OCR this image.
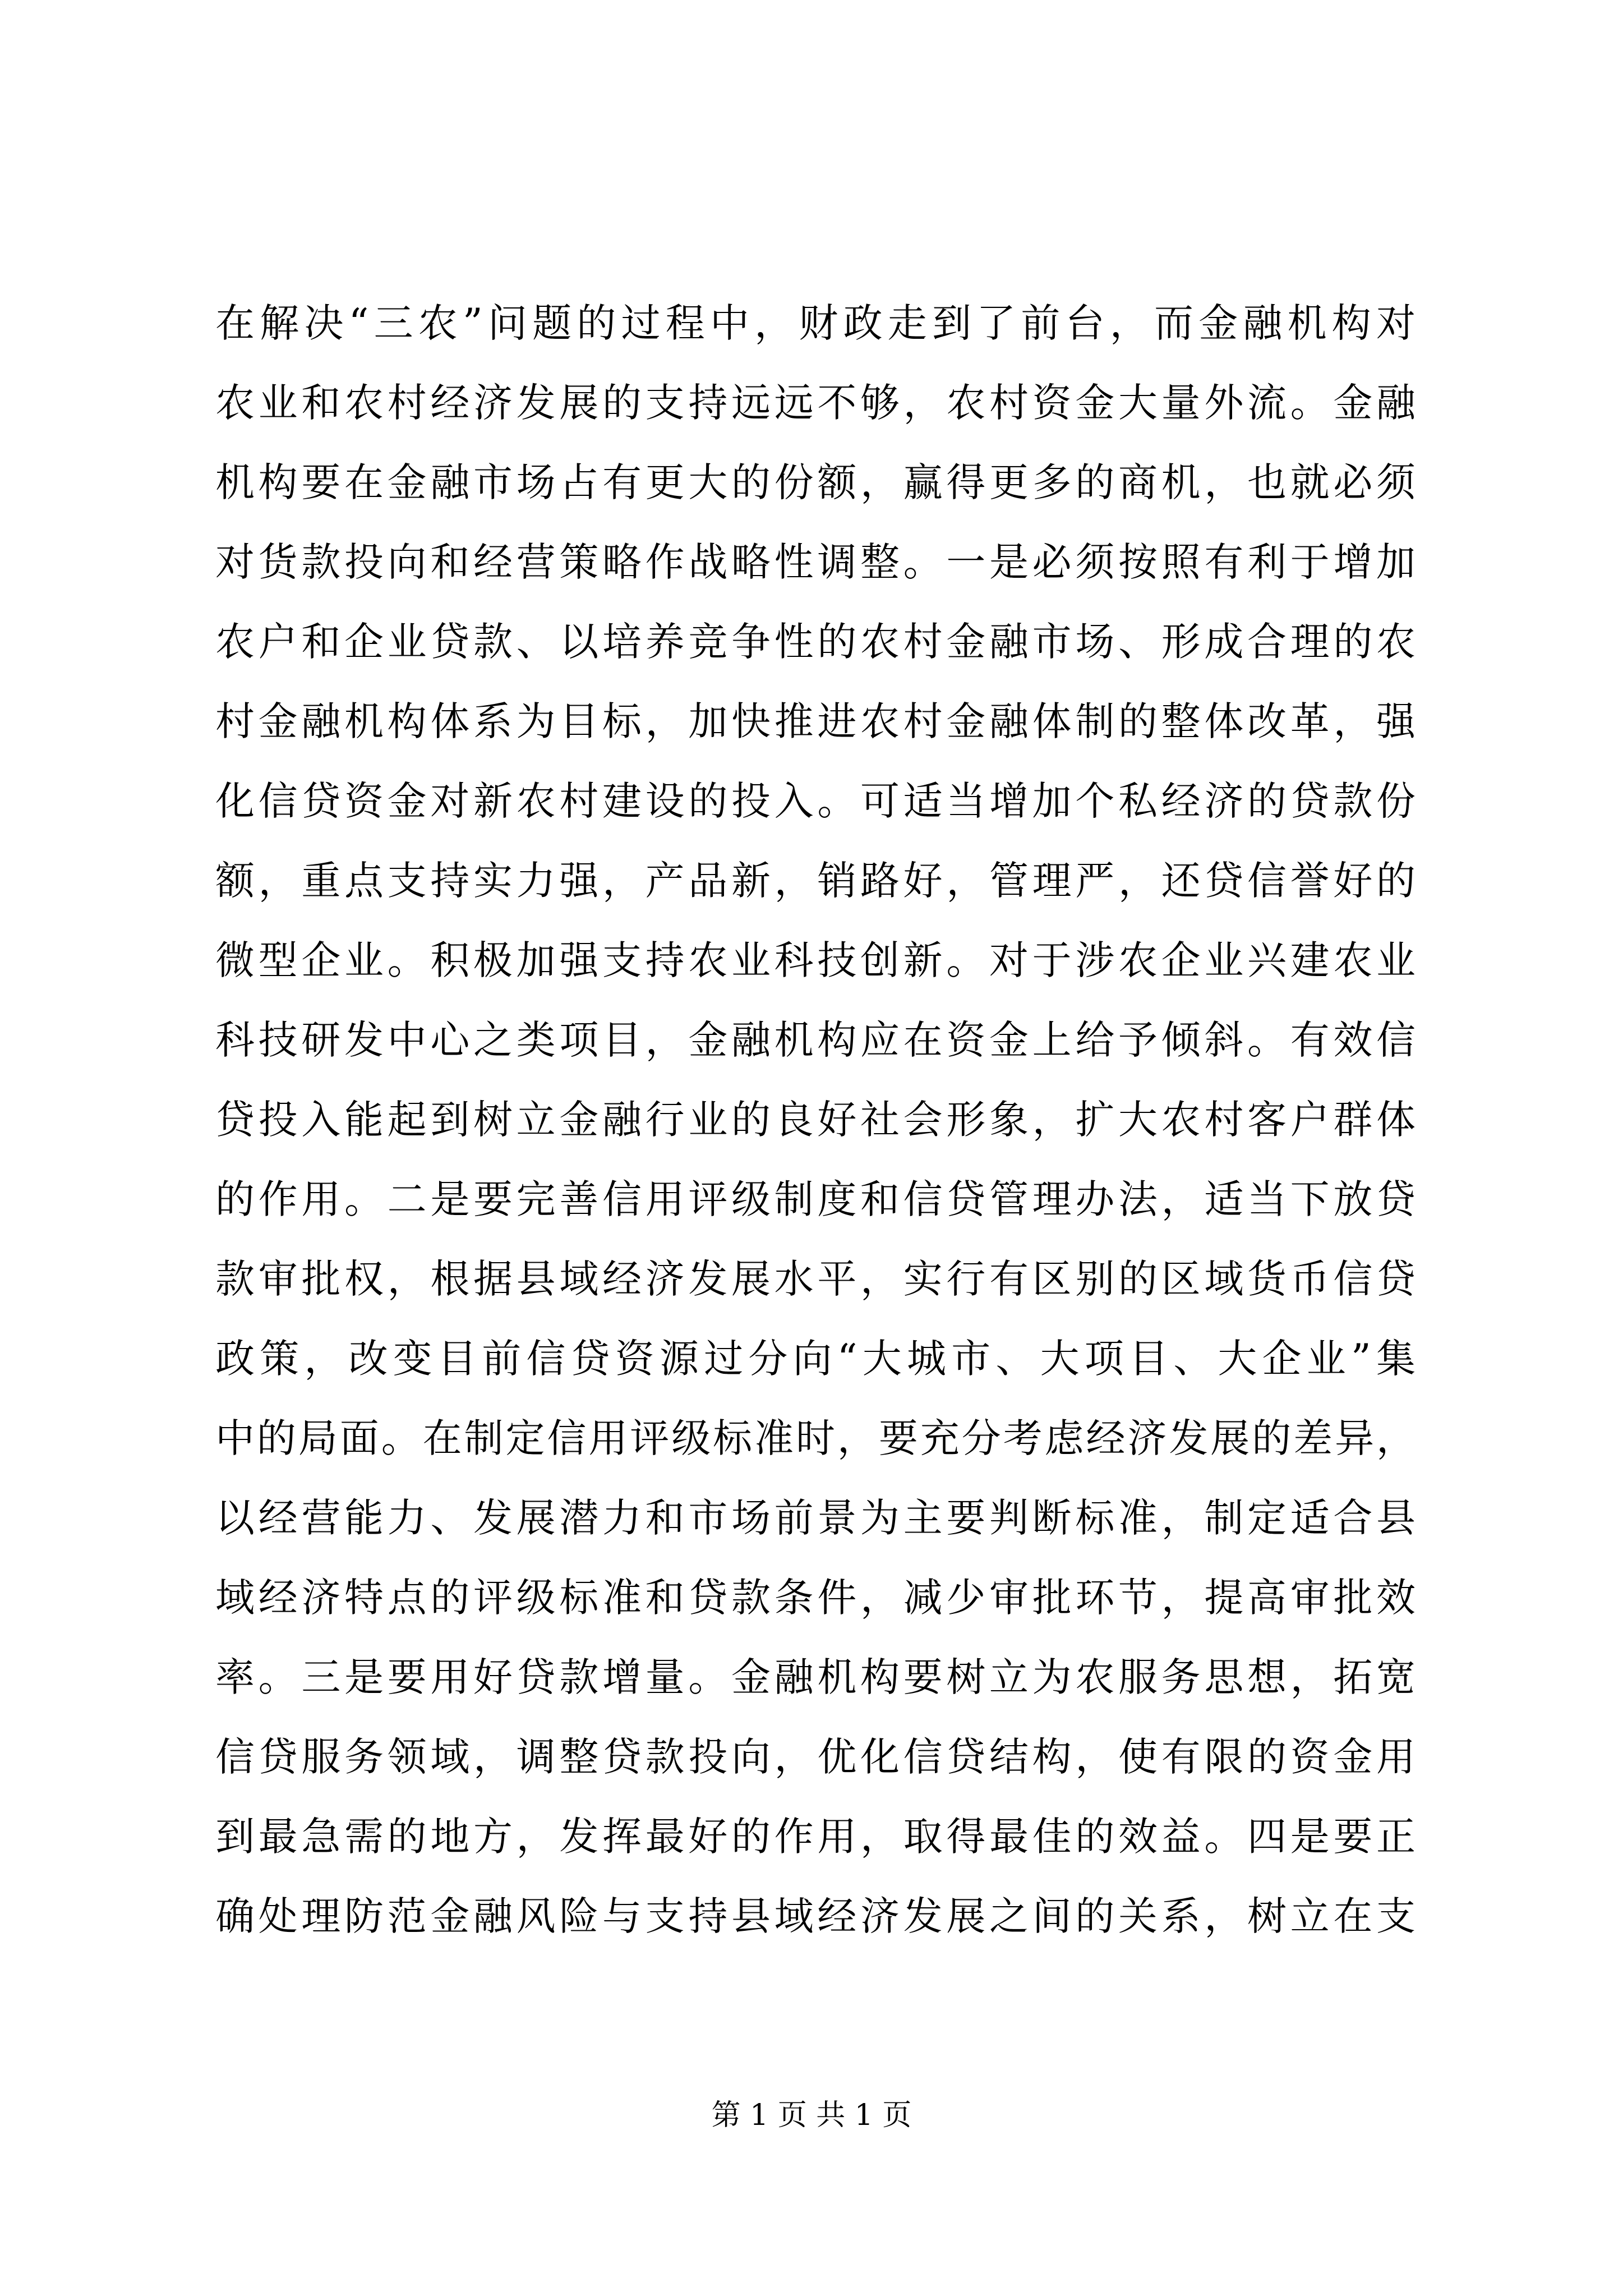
在解决“三农”问题的过程中，财政走到了前台，而金融机构对
农业和农村经济发展的支持远远不够，农村资金大量外流。金融
机构要在金融市场占有更大的份额，赢得更多的商机，也就必须
对货款投向和经营策略作战略性调整。一是必须按照有利于增加
农户和企业贷款、以培养竞争性的农村金融市场、形成合理的农
村金融机构体系为目标，加快推进农村金融体制的整体改革，强
化信贷资金对新农村建设的投入。可适当增加个私经济的贷款份
额，重点支持实力强，产品新，销路好，管理严，还贷信誉好的
微型企业。积极加强支持农业科技创新。对于涉农企业兴建农业
科技研发中心之类项目，金融机构应在资金上给予倾斜。有效信
贷投入能起到树立金融行业的良好社会形象，扩大农村客户群体
的作用。二是要完善信用评级制度和信贷管理办法，适当下放贷
款审批权，根据县域经济发展水平，实行有区别的区域货币信贷
政策，改变目前信贷资源过分向“大城市、大项目、大企业”集
中的局面。在制定信用评级标准时，要充分考虑经济发展的差异，
以经营能力、发展潜力和市场前景为主要判断标准，制定适合县
域经济特点的评级标准和贷款条件，减少审批环节，提高审批效
率。三是要用好贷款增量。金融机构要树立为农服务思想，拓宽
信贷服务领域，调整贷款投向，优化信贷结构，使有限的资金用
到最急需的地方，发挥最好的作用，取得最佳的效益。四是要正
确处理防范金融风险与支持县域经济发展之间的关系，树立在支
第 1 页 共 1 页
